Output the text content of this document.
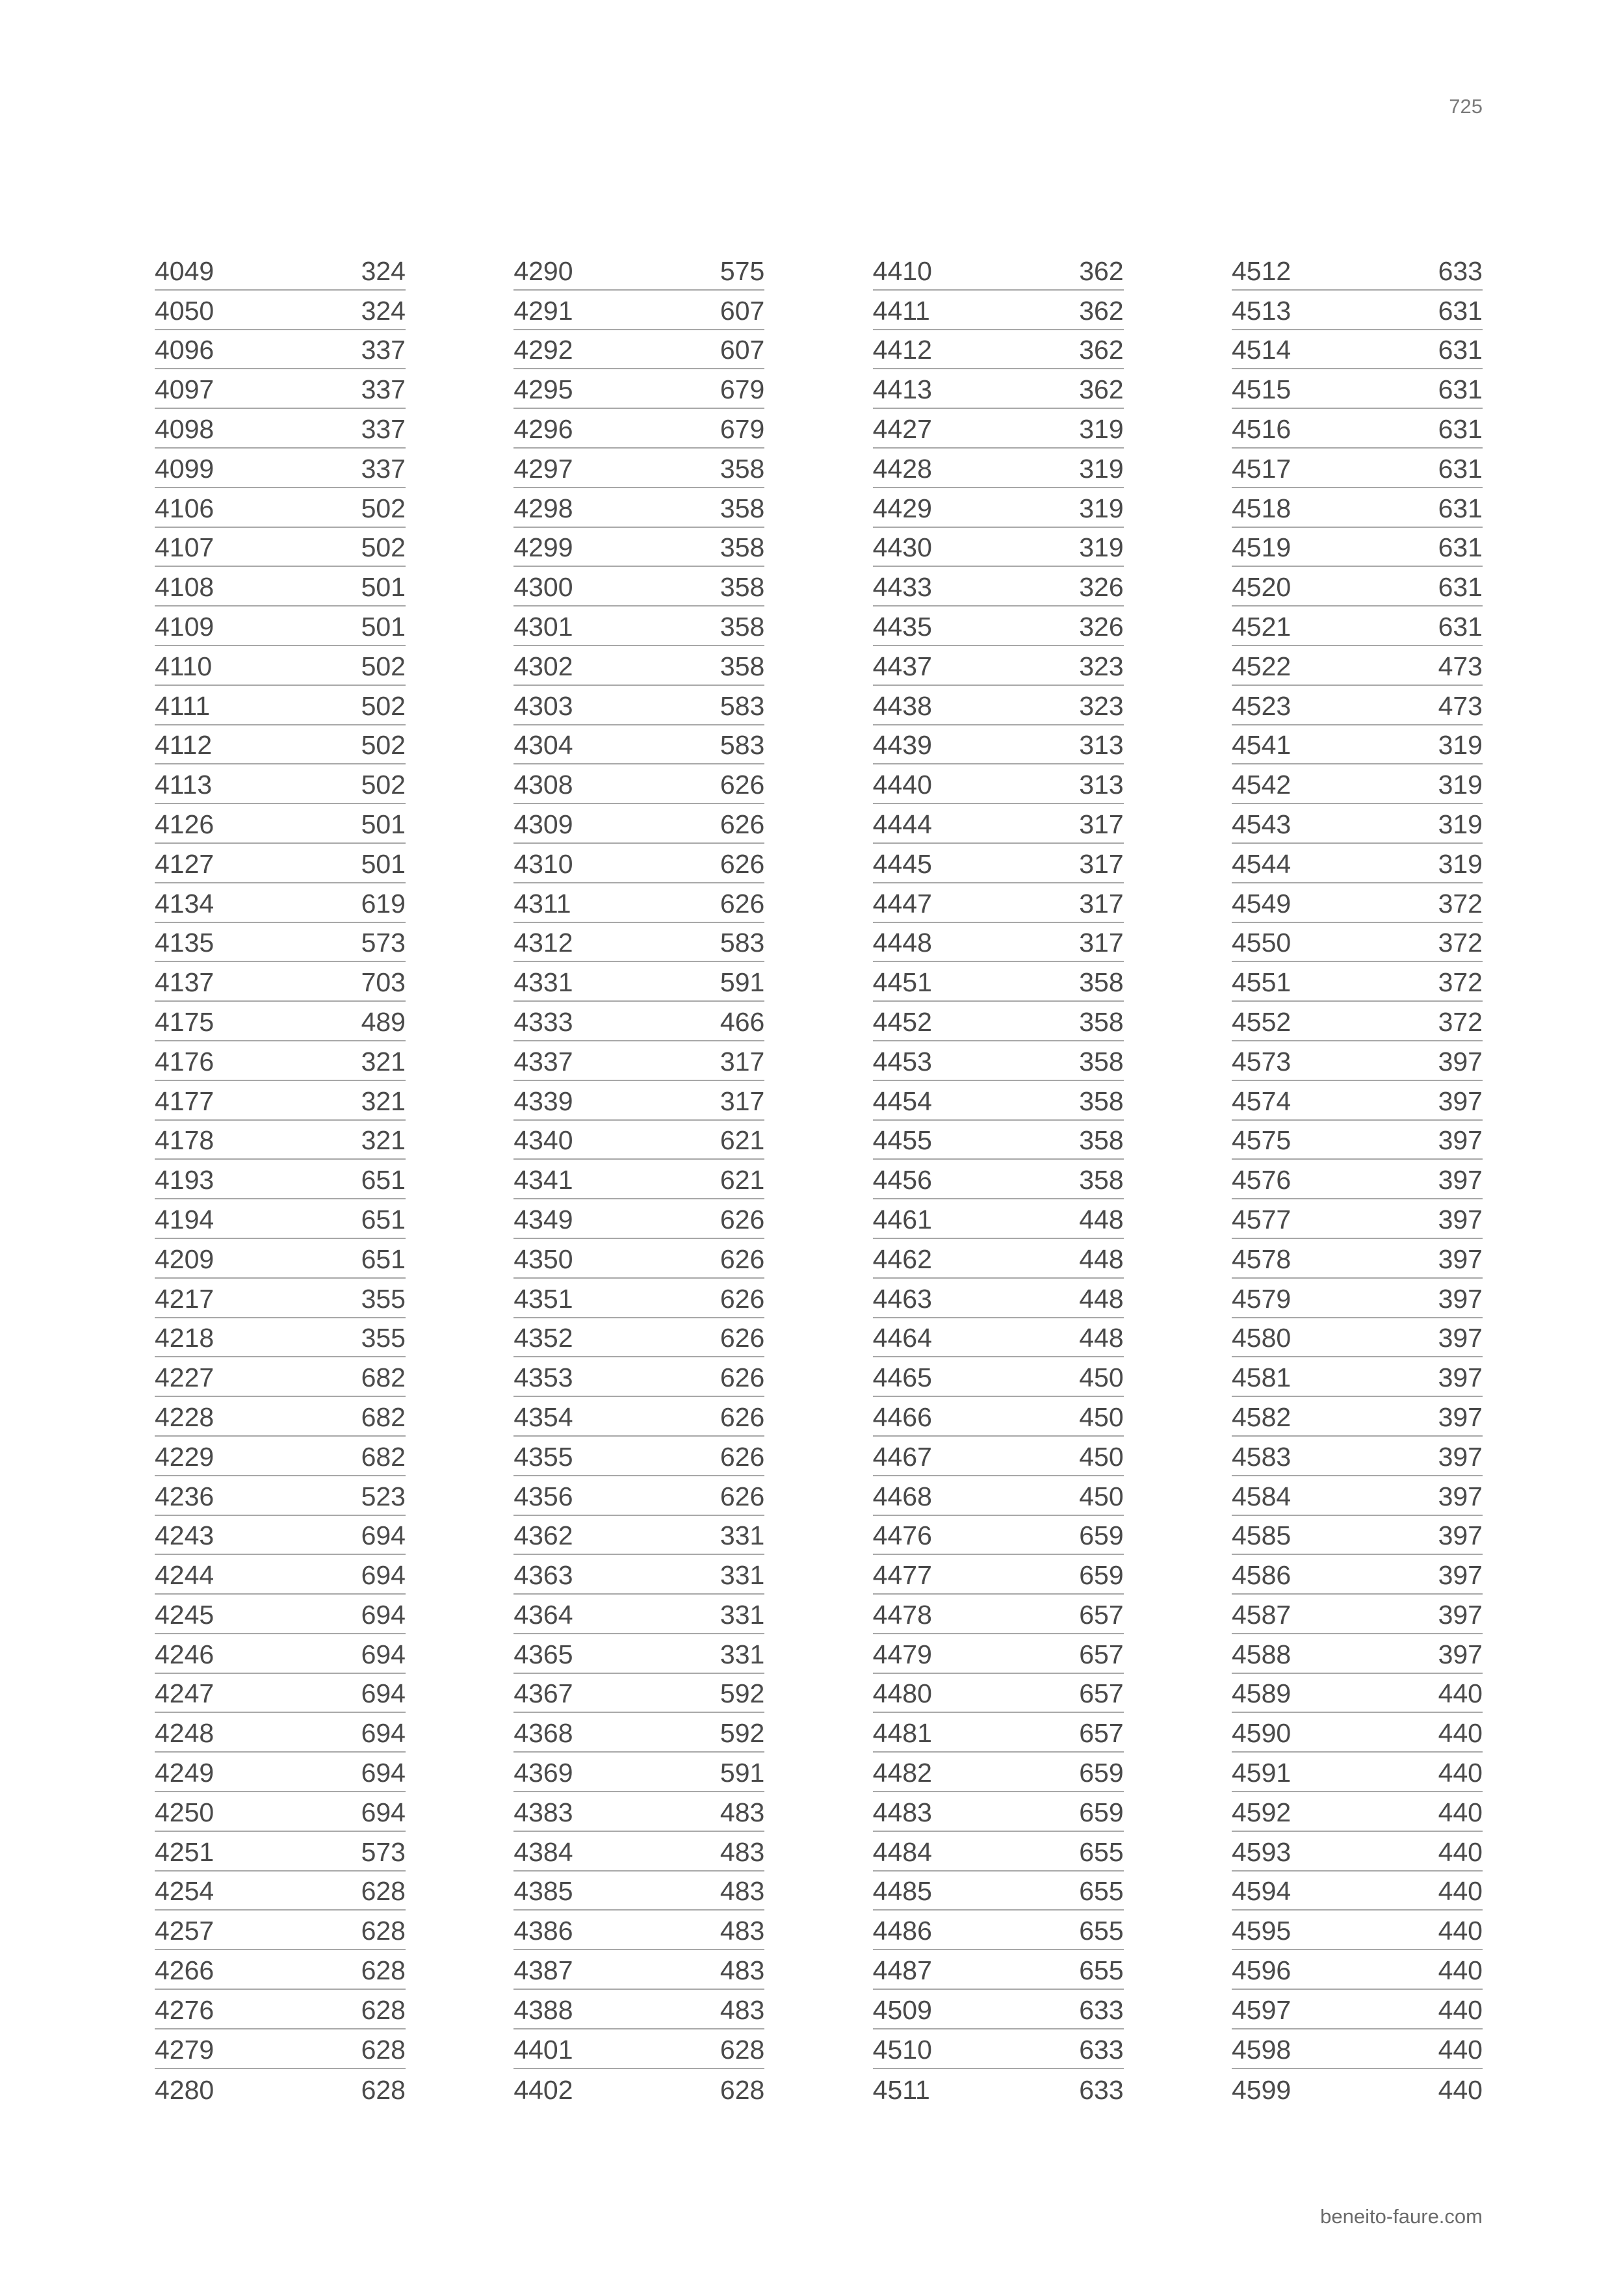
725
4049	324
4050	324
4096	337
4097	337
4098	337
4099	337
4106	502
4107	502
4108	501
4109	501
4110	502
4111	502
4112	502
4113	502
4126	501
4127	501
4134	619
4135	573
4137	703
4175	489
4176	321
4177	321
4178	321
4193	651
4194	651
4209	651
4217	355
4218	355
4227	682
4228	682
4229	682
4236	523
4243	694
4244	694
4245	694
4246	694
4247	694
4248	694
4249	694
4250	694
4251	573
4254	628
4257	628
4266	628
4276	628
4279	628
4280	628
4290	575
4291	607
4292	607
4295	679
4296	679
4297	358
4298	358
4299	358
4300	358
4301	358
4302	358
4303	583
4304	583
4308	626
4309	626
4310	626
4311	626
4312	583
4331	591
4333	466
4337	317
4339	317
4340	621
4341	621
4349	626
4350	626
4351	626
4352	626
4353	626
4354	626
4355	626
4356	626
4362	331
4363	331
4364	331
4365	331
4367	592
4368	592
4369	591
4383	483
4384	483
4385	483
4386	483
4387	483
4388	483
4401	628
4402	628
4410	362
4411	362
4412	362
4413	362
4427	319
4428	319
4429	319
4430	319
4433	326
4435	326
4437	323
4438	323
4439	313
4440	313
4444	317
4445	317
4447	317
4448	317
4451	358
4452	358
4453	358
4454	358
4455	358
4456	358
4461	448
4462	448
4463	448
4464	448
4465	450
4466	450
4467	450
4468	450
4476	659
4477	659
4478	657
4479	657
4480	657
4481	657
4482	659
4483	659
4484	655
4485	655
4486	655
4487	655
4509	633
4510	633
4511	633
4512	633
4513	631
4514	631
4515	631
4516	631
4517	631
4518	631
4519	631
4520	631
4521	631
4522	473
4523	473
4541	319
4542	319
4543	319
4544	319
4549	372
4550	372
4551	372
4552	372
4573	397
4574	397
4575	397
4576	397
4577	397
4578	397
4579	397
4580	397
4581	397
4582	397
4583	397
4584	397
4585	397
4586	397
4587	397
4588	397
4589	440
4590	440
4591	440
4592	440
4593	440
4594	440
4595	440
4596	440
4597	440
4598	440
4599	440
beneito-faure.com
